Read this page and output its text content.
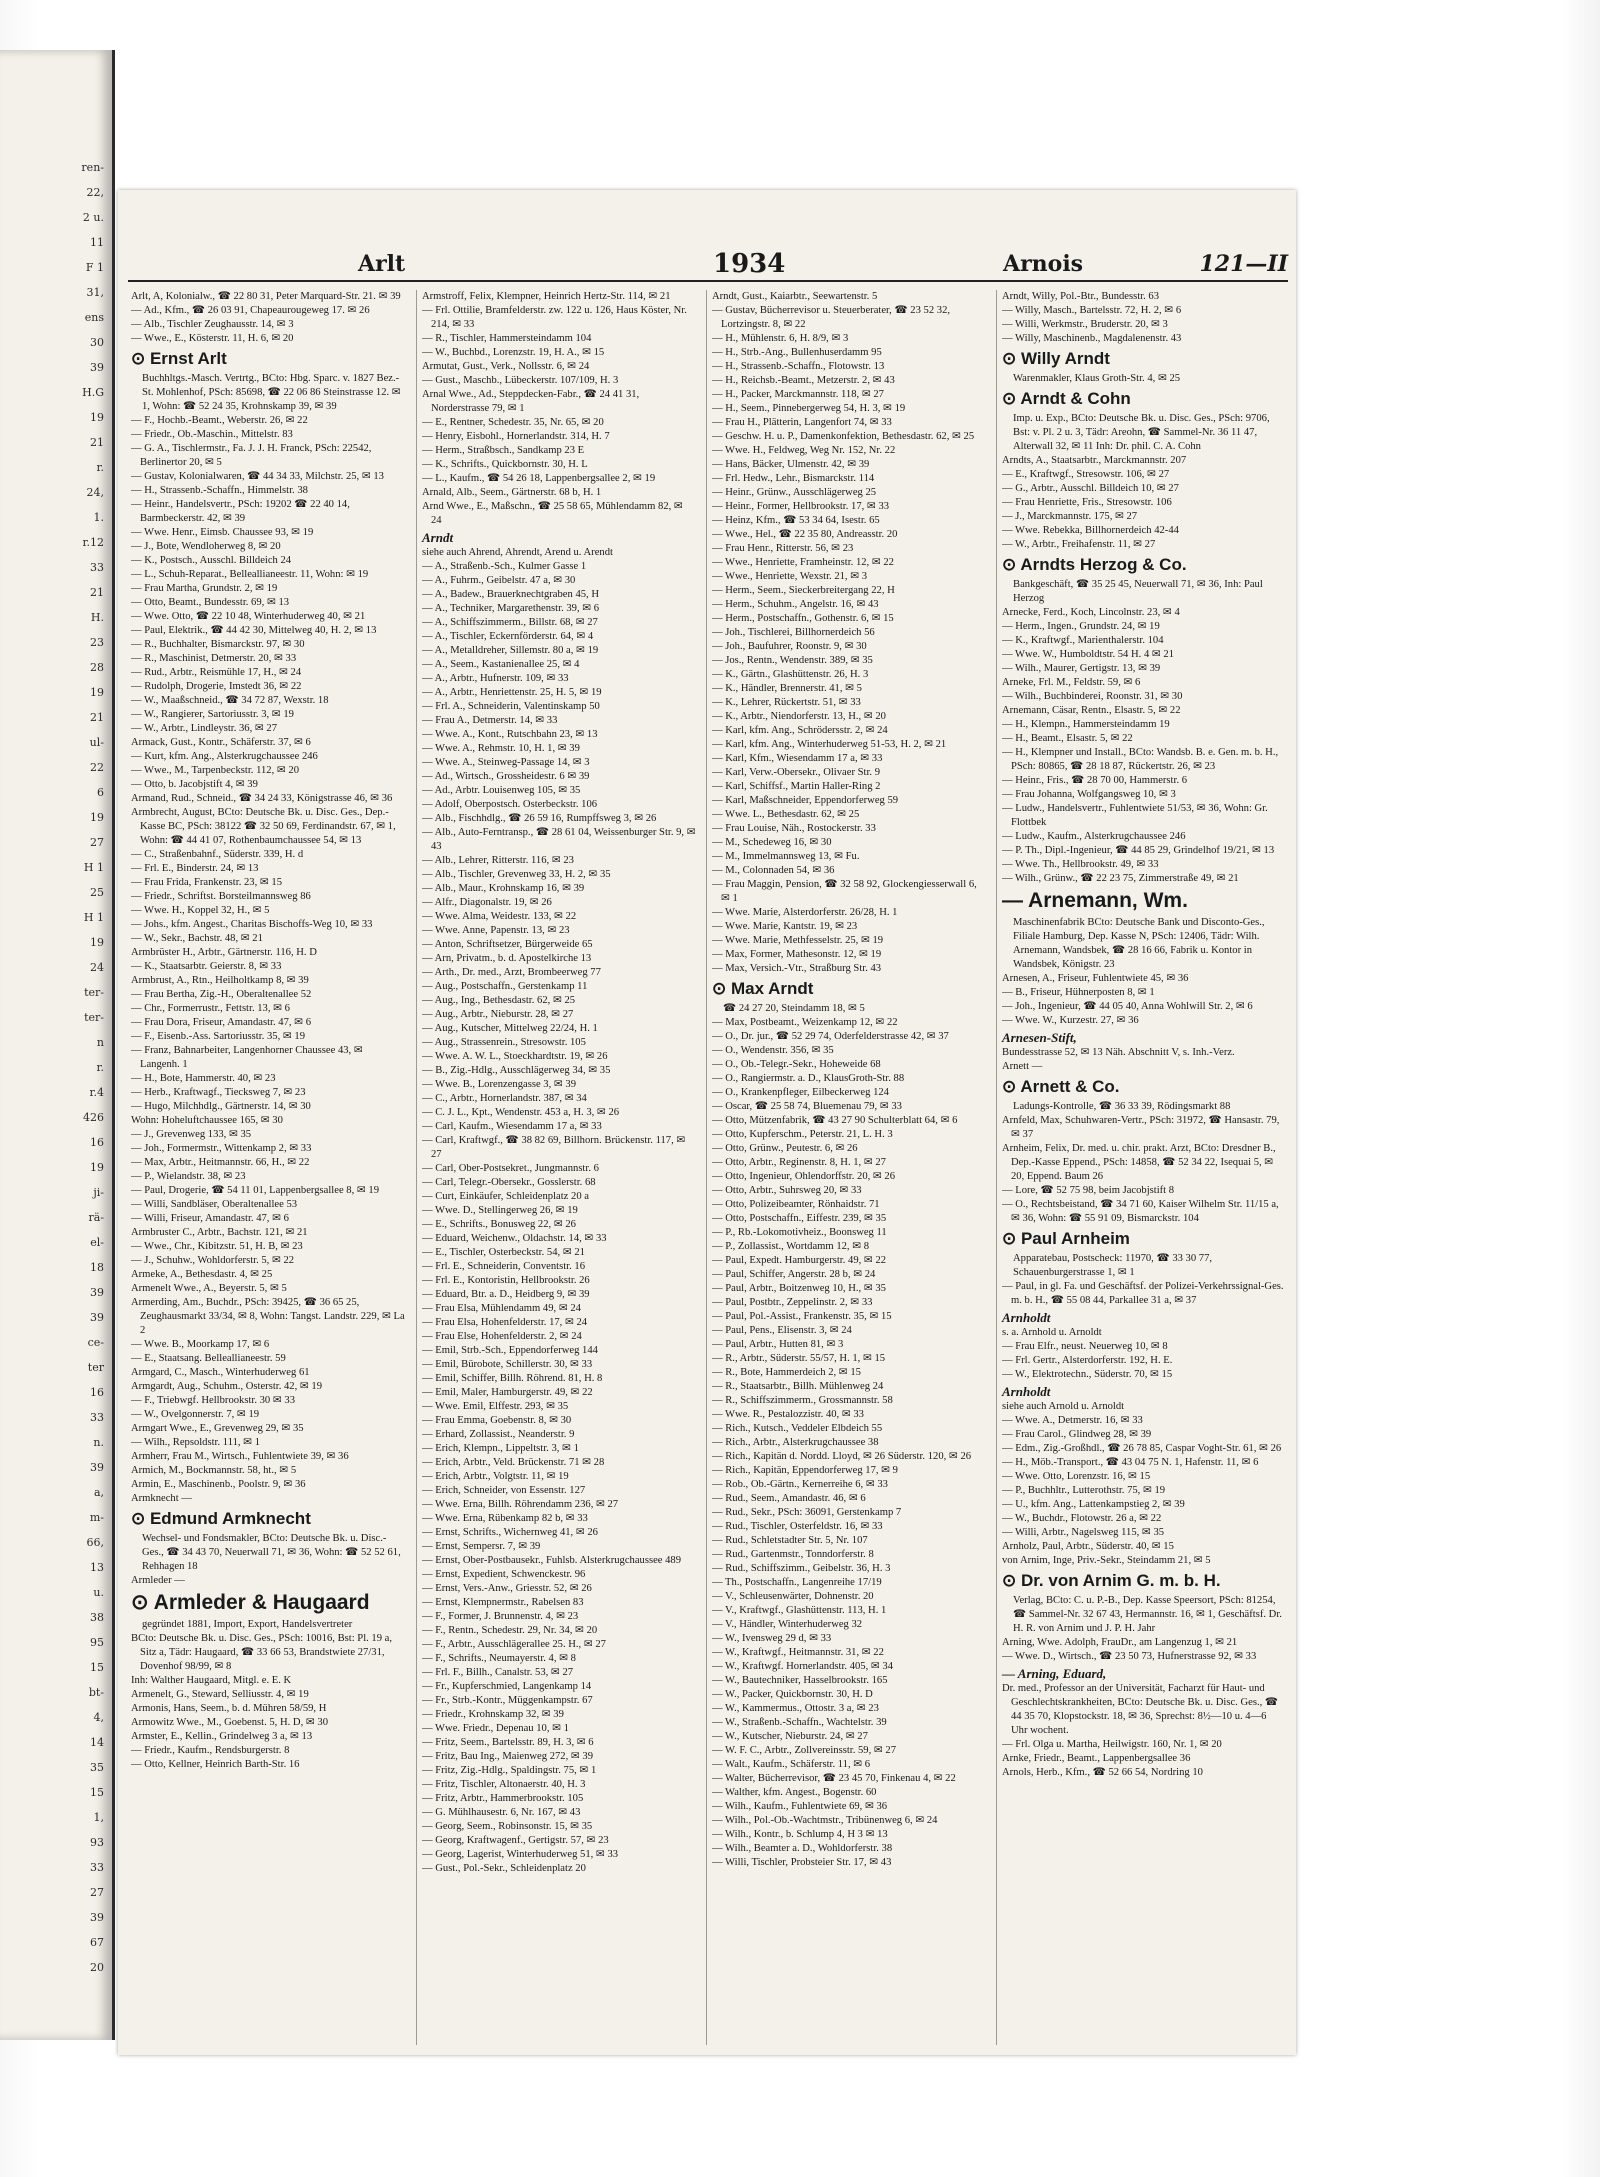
ren-
22,
2 u.
11
F 1
31,
ens
30
39
H.G
19
21
r.
24,
1.
r.12
33
21
H.
23
28
19
21
ul-
22
6
19
27
H 1
25
H 1
19
24
ter-
ter-
n
r.
r.4
426
16
19
ji-
rä-
el-
18
39
39
ce-
ter
16
33
n.
39
a,
m-
66,
13
u.
38
95
15
bt-
4,
14
35
15
1,
93
33
27
39
67
20
Arlt	1934	Arnois	121—II
Arlt, A, Kolonialw., ☎ 22 80 31, Peter Marquard-Str. 21. ✉ 39
— Ad., Kfm., ☎ 26 03 91, Chapeaurougeweg 17. ✉ 26
— Alb., Tischler Zeughausstr. 14, ✉ 3
— Wwe., E., Kösterstr. 11, H. 6, ✉ 20
⊙ Ernst Arlt
Buchhltgs.-Masch. Vertrtg., BCto: Hbg. Sparc. v. 1827 Bez.-St. Mohlenhof, PSch: 85698, ☎ 22 06 86 Steinstrasse 12. ✉ 1, Wohn: ☎ 52 24 35, Krohnskamp 39, ✉ 39
— F., Hochb.-Beamt., Weberstr. 26, ✉ 22
— Friedr., Ob.-Maschin., Mittelstr. 83
— G. A., Tischlermstr., Fa. J. J. H. Franck, PSch: 22542, Berlinertor 20, ✉ 5
— Gustav, Kolonialwaren, ☎ 44 34 33, Milchstr. 25, ✉ 13
— H., Strassenb.-Schaffn., Himmelstr. 38
— Heinr., Handelsvertr., PSch: 19202 ☎ 22 40 14, Barmbeckerstr. 42, ✉ 39
— Wwe. Henr., Eimsb. Chaussee 93, ✉ 19
— J., Bote, Wendloherweg 8, ✉ 20
— K., Postsch., Ausschl. Billdeich 24
— L., Schuh-Reparat., Belleallianeestr. 11, Wohn: ✉ 19
— Frau Martha, Grundstr. 2, ✉ 19
— Otto, Beamt., Bundesstr. 69, ✉ 13
— Wwe. Otto, ☎ 22 10 48, Winterhuderweg 40, ✉ 21
— Paul, Elektrik., ☎ 44 42 30, Mittelweg 40, H. 2, ✉ 13
— R., Buchhalter, Bismarckstr. 97, ✉ 30
— R., Maschinist, Detmerstr. 20, ✉ 33
— Rud., Arbtr., Reismühle 17, H., ✉ 24
— Rudolph, Drogerie, Imstedt 36, ✉ 22
— W., Maaßschneid., ☎ 34 72 87, Wexstr. 18
— W., Rangierer, Sartoriusstr. 3, ✉ 19
— W., Arbtr., Lindleystr. 36, ✉ 27
Armack, Gust., Kontr., Schäferstr. 37, ✉ 6
— Kurt, kfm. Ang., Alsterkrugchaussee 246
— Wwe., M., Tarpenbeckstr. 112, ✉ 20
— Otto, b. Jacobjstift 4, ✉ 39
Armand, Rud., Schneid., ☎ 34 24 33, Königstrasse 46, ✉ 36
Armbrecht, August, BCto: Deutsche Bk. u. Disc. Ges., Dep.-Kasse BC, PSch: 38122 ☎ 32 50 69, Ferdinandstr. 67, ✉ 1, Wohn: ☎ 44 41 07, Rothenbaumchaussee 54, ✉ 13
— C., Straßenbahnf., Süderstr. 339, H. d
— Frl. E., Binderstr. 24, ✉ 13
— Frau Frida, Frankenstr. 23, ✉ 15
— Friedr., Schriftst. Borsteilmannsweg 86
— Wwe. H., Koppel 32, H., ✉ 5
— Johs., kfm. Angest., Charitas Bischoffs-Weg 10, ✉ 33
— W., Sekr., Bachstr. 48, ✉ 21
Armbrüster H., Arbtr., Gärtnerstr. 116, H. D
— K., Staatsarbtr. Geierstr. 8, ✉ 33
Armbrust, A., Rtn., Heilholtkamp 8, ✉ 39
— Frau Bertha, Zig.-H., Oberaltenallee 52
— Chr., Formerrustr., Fettstr. 13, ✉ 6
— Frau Dora, Friseur, Amandastr. 47, ✉ 6
— F., Eisenb.-Ass. Sartoriusstr. 35, ✉ 19
— Franz, Bahnarbeiter, Langenhorner Chaussee 43, ✉ Langenh. 1
— H., Bote, Hammerstr. 40, ✉ 23
— Herb., Kraftwagf., Tiecksweg 7, ✉ 23
— Hugo, Milchhdlg., Gärtnerstr. 14, ✉ 30
Wohn: Hoheluftchaussee 165, ✉ 30
— J., Grevenweg 133, ✉ 35
— Joh., Formermstr., Wittenkamp 2, ✉ 33
— Max, Arbtr., Heitmannstr. 66, H., ✉ 22
— P., Wielandstr. 38, ✉ 23
— Paul, Drogerie, ☎ 54 11 01, Lappenbergsallee 8, ✉ 19
— Willi, Sandbläser, Oberaltenallee 53
— Willi, Friseur, Amandastr. 47, ✉ 6
Armbruster C., Arbtr., Bachstr. 121, ✉ 21
— Wwe., Chr., Kibitzstr. 51, H. B, ✉ 23
— J., Schuhw., Wohldorferstr. 5, ✉ 22
Armeke, A., Bethesdastr. 4, ✉ 25
Armenelt Wwe., A., Beyerstr. 5, ✉ 5
Armerding, Am., Buchdr., PSch: 39425, ☎ 36 65 25, Zeughausmarkt 33/34, ✉ 8, Wohn: Tangst. Landstr. 229, ✉ La 2
— Wwe. B., Moorkamp 17, ✉ 6
— E., Staatsang. Belleallianeestr. 59
Armgard, C., Masch., Winterhuderweg 61
Armgardt, Aug., Schuhm., Osterstr. 42, ✉ 19
— F., Triebwgf. Hellbrookstr. 30 ✉ 33
— W., Ovelgonnerstr. 7, ✉ 19
Armgart Wwe., E., Grevenweg 29, ✉ 35
— Wilh., Repsoldstr. 111, ✉ 1
Armherr, Frau M., Wirtsch., Fuhlentwiete 39, ✉ 36
Armich, M., Bockmannstr. 58, ht., ✉ 5
Armin, E., Maschinenb., Poolstr. 9, ✉ 36
Armknecht —
⊙ Edmund Armknecht
Wechsel- und Fondsmakler, BCto: Deutsche Bk. u. Disc.-Ges., ☎ 34 43 70, Neuerwall 71, ✉ 36, Wohn: ☎ 52 52 61, Rehhagen 18
Armleder —
⊙ Armleder & Haugaard
gegründet 1881, Import, Export, Handelsvertreter
BCto: Deutsche Bk. u. Disc. Ges., PSch: 10016, Bst: Pl. 19 a, Sitz a, Tädr: Haugaard, ☎ 33 66 53, Brandstwiete 27/31, Dovenhof 98/99, ✉ 8
Inh: Walther Haugaard, Mitgl. e. E. K
Armenelt, G., Steward, Selliusstr. 4, ✉ 19
Armonis, Hans, Seem., b. d. Mühren 58/59, H
Armowitz Wwe., M., Goebenst. 5, H. D, ✉ 30
Armster, E., Kellin., Grindelweg 3 a, ✉ 13
— Friedr., Kaufm., Rendsburgerstr. 8
— Otto, Kellner, Heinrich Barth-Str. 16
Armstroff, Felix, Klempner, Heinrich Hertz-Str. 114, ✉ 21
— Frl. Ottilie, Bramfelderstr. zw. 122 u. 126, Haus Köster, Nr. 214, ✉ 33
— R., Tischler, Hammersteindamm 104
— W., Buchbd., Lorenzstr. 19, H. A., ✉ 15
Armutat, Gust., Verk., Nollsstr. 6, ✉ 24
— Gust., Maschb., Lübeckerstr. 107/109, H. 3
Arnal Wwe., Ad., Steppdecken-Fabr., ☎ 24 41 31, Norderstrasse 79, ✉ 1
— E., Rentner, Schedestr. 35, Nr. 65, ✉ 20
— Henry, Eisbohl., Hornerlandstr. 314, H. 7
— Herm., Straßbsch., Sandkamp 23 E
— K., Schrifts., Quickbornstr. 30, H. L
— L., Kaufm., ☎ 54 26 18, Lappenbergsallee 2, ✉ 19
Arnald, Alb., Seem., Gärtnerstr. 68 b, H. 1
Arnd Wwe., E., Maßschn., ☎ 25 58 65, Mühlendamm 82, ✉ 24
Arndt
siehe auch Ahrend, Ahrendt, Arend u. Arendt
— A., Straßenb.-Sch., Kulmer Gasse 1
— A., Fuhrm., Geibelstr. 47 a, ✉ 30
— A., Badew., Brauerknechtgraben 45, H
— A., Techniker, Margarethenstr. 39, ✉ 6
— A., Schiffszimmerm., Billstr. 68, ✉ 27
— A., Tischler, Eckernförderstr. 64, ✉ 4
— A., Metalldreher, Sillemstr. 80 a, ✉ 19
— A., Seem., Kastanienallee 25, ✉ 4
— A., Arbtr., Hufnerstr. 109, ✉ 33
— A., Arbtr., Henriettenstr. 25, H. 5, ✉ 19
— Frl. A., Schneiderin, Valentinskamp 50
— Frau A., Detmerstr. 14, ✉ 33
— Wwe. A., Kont., Rutschbahn 23, ✉ 13
— Wwe. A., Rehmstr. 10, H. 1, ✉ 39
— Wwe. A., Steinweg-Passage 14, ✉ 3
— Ad., Wirtsch., Grossheidestr. 6 ✉ 39
— Ad., Arbtr. Louisenweg 105, ✉ 35
— Adolf, Oberpostsch. Osterbeckstr. 106
— Alb., Fischhdlg., ☎ 26 59 16, Rumpffsweg 3, ✉ 26
— Alb., Auto-Ferntransp., ☎ 28 61 04, Weissenburger Str. 9, ✉ 43
— Alb., Lehrer, Ritterstr. 116, ✉ 23
— Alb., Tischler, Grevenweg 33, H. 2, ✉ 35
— Alb., Maur., Krohnskamp 16, ✉ 39
— Alfr., Diagonalstr. 19, ✉ 26
— Wwe. Alma, Weidestr. 133, ✉ 22
— Wwe. Anne, Papenstr. 13, ✉ 23
— Anton, Schriftsetzer, Bürgerweide 65
— Arn, Privatm., b. d. Apostelkirche 13
— Arth., Dr. med., Arzt, Brombeerweg 77
— Aug., Postschaffn., Gerstenkamp 11
— Aug., Ing., Bethesdastr. 62, ✉ 25
— Aug., Arbtr., Nieburstr. 28, ✉ 27
— Aug., Kutscher, Mittelweg 22/24, H. 1
— Aug., Strassenrein., Stresowstr. 105
— Wwe. A. W. L., Stoeckhardtstr. 19, ✉ 26
— B., Zig.-Hdlg., Ausschlägerweg 34, ✉ 35
— Wwe. B., Lorenzengasse 3, ✉ 39
— C., Arbtr., Hornerlandstr. 387, ✉ 34
— C. J. L., Kpt., Wendenstr. 453 a, H. 3, ✉ 26
— Carl, Kaufm., Wiesendamm 17 a, ✉ 33
— Carl, Kraftwgf., ☎ 38 82 69, Billhorn. Brückenstr. 117, ✉ 27
— Carl, Ober-Postsekret., Jungmannstr. 6
— Carl, Telegr.-Obersekr., Gosslerstr. 68
— Curt, Einkäufer, Schleidenplatz 20 a
— Wwe. D., Stellingerweg 26, ✉ 19
— E., Schrifts., Bonusweg 22, ✉ 26
— Eduard, Weichenw., Oldachstr. 14, ✉ 33
— E., Tischler, Osterbeckstr. 54, ✉ 21
— Frl. E., Schneiderin, Conventstr. 16
— Frl. E., Kontoristin, Hellbrookstr. 26
— Eduard, Btr. a. D., Heidberg 9, ✉ 39
— Frau Elsa, Mühlendamm 49, ✉ 24
— Frau Elsa, Hohenfelderstr. 17, ✉ 24
— Frau Else, Hohenfelderstr. 2, ✉ 24
— Emil, Strb.-Sch., Eppendorferweg 144
— Emil, Bürobote, Schillerstr. 30, ✉ 33
— Emil, Schiffer, Billh. Röhrend. 81, H. 8
— Emil, Maler, Hamburgerstr. 49, ✉ 22
— Wwe. Emil, Elffestr. 293, ✉ 35
— Frau Emma, Goebenstr. 8, ✉ 30
— Erhard, Zollassist., Neanderstr. 9
— Erich, Klempn., Lippeltstr. 3, ✉ 1
— Erich, Arbtr., Veld. Brückenstr. 71 ✉ 28
— Erich, Arbtr., Volgtstr. 11, ✉ 19
— Erich, Schneider, von Essenstr. 127
— Wwe. Erna, Billh. Röhrendamm 236, ✉ 27
— Wwe. Erna, Rübenkamp 82 b, ✉ 33
— Ernst, Schrifts., Wichernweg 41, ✉ 26
— Ernst, Sempersr. 7, ✉ 39
— Ernst, Ober-Postbausekr., Fuhlsb. Alsterkrugchaussee 489
— Ernst, Expedient, Schwenckestr. 96
— Ernst, Vers.-Anw., Griesstr. 52, ✉ 26
— Ernst, Klempnermstr., Rabelsen 83
— F., Former, J. Brunnenstr. 4, ✉ 23
— F., Rentn., Schedestr. 29, Nr. 34, ✉ 20
— F., Arbtr., Ausschlägerallee 25. H., ✉ 27
— F., Schrifts., Neumayerstr. 4, ✉ 8
— Frl. F., Billh., Canalstr. 53, ✉ 27
— Fr., Kupferschmied, Langenkamp 14
— Fr., Strb.-Kontr., Müggenkampstr. 67
— Friedr., Krohnskamp 32, ✉ 39
— Wwe. Friedr., Depenau 10, ✉ 1
— Fritz, Seem., Bartelsstr. 89, H. 3, ✉ 6
— Fritz, Bau Ing., Maienweg 272, ✉ 39
— Fritz, Zig.-Hdlg., Spaldingstr. 75, ✉ 1
— Fritz, Tischler, Altonaerstr. 40, H. 3
— Fritz, Arbtr., Hammerbrookstr. 105
— G. Mühlhausestr. 6, Nr. 167, ✉ 43
— Georg, Seem., Robinsonstr. 15, ✉ 35
— Georg, Kraftwagenf., Gertigstr. 57, ✉ 23
— Georg, Lagerist, Winterhuderweg 51, ✉ 33
— Gust., Pol.-Sekr., Schleidenplatz 20
Arndt, Gust., Kaiarbtr., Seewartenstr. 5
— Gustav, Bücherrevisor u. Steuerberater, ☎ 23 52 32, Lortzingstr. 8, ✉ 22
— H., Mühlenstr. 6, H. 8/9, ✉ 3
— H., Strb.-Ang., Bullenhuserdamm 95
— H., Strassenb.-Schaffn., Flotowstr. 13
— H., Reichsb.-Beamt., Metzerstr. 2, ✉ 43
— H., Packer, Marckmannstr. 118, ✉ 27
— H., Seem., Pinnebergerweg 54, H. 3, ✉ 19
— Frau H., Plätterin, Langenfort 74, ✉ 33
— Geschw. H. u. P., Damenkonfektion, Bethesdastr. 62, ✉ 25
— Wwe. H., Feldweg, Weg Nr. 152, Nr. 22
— Hans, Bäcker, Ulmenstr. 42, ✉ 39
— Frl. Hedw., Lehr., Bismarckstr. 114
— Heinr., Grünw., Ausschlägerweg 25
— Heinr., Former, Hellbrookstr. 17, ✉ 33
— Heinz, Kfm., ☎ 53 34 64, Isestr. 65
— Wwe., Hel., ☎ 22 35 80, Andreasstr. 20
— Frau Henr., Ritterstr. 56, ✉ 23
— Wwe., Henriette, Framheinstr. 12, ✉ 22
— Wwe., Henriette, Wexstr. 21, ✉ 3
— Herm., Seem., Sieckerbreitergang 22, H
— Herm., Schuhm., Angelstr. 16, ✉ 43
— Herm., Postschaffn., Gothenstr. 6, ✉ 15
— Joh., Tischlerei, Billhornerdeich 56
— Joh., Baufuhrer, Roonstr. 9, ✉ 30
— Jos., Rentn., Wendenstr. 389, ✉ 35
— K., Gärtn., Glashüttenstr. 26, H. 3
— K., Händler, Brennerstr. 41, ✉ 5
— K., Lehrer, Rückertstr. 51, ✉ 33
— K., Arbtr., Niendorferstr. 13, H., ✉ 20
— Karl, kfm. Ang., Schrödersstr. 2, ✉ 24
— Karl, kfm. Ang., Winterhuderweg 51-53, H. 2, ✉ 21
— Karl, Kfm., Wiesendamm 17 a, ✉ 33
— Karl, Verw.-Obersekr., Olivaer Str. 9
— Karl, Schiffsf., Martin Haller-Ring 2
— Karl, Maßschneider, Eppendorferweg 59
— Wwe. L., Bethesdastr. 62, ✉ 25
— Frau Louise, Näh., Rostockerstr. 33
— M., Schedeweg 16, ✉ 30
— M., Immelmannsweg 13, ✉ Fu.
— M., Colonnaden 54, ✉ 36
— Frau Maggin, Pension, ☎ 32 58 92, Glockengiesserwall 6, ✉ 1
— Wwe. Marie, Alsterdorferstr. 26/28, H. 1
— Wwe. Marie, Kantstr. 19, ✉ 23
— Wwe. Marie, Methfesselstr. 25, ✉ 19
— Max, Former, Mathesonstr. 12, ✉ 19
— Max, Versich.-Vtr., Straßburg Str. 43
⊙ Max Arndt
☎ 24 27 20, Steindamm 18, ✉ 5
— Max, Postbeamt., Weizenkamp 12, ✉ 22
— O., Dr. jur., ☎ 52 29 74, Oderfelderstrasse 42, ✉ 37
— O., Wendenstr. 356, ✉ 35
— O., Ob.-Telegr.-Sekr., Hoheweide 68
— O., Rangiermstr. a. D., KlausGroth-Str. 88
— O., Krankenpfleger, Eilbeckerweg 124
— Oscar, ☎ 25 58 74, Bluemenau 79, ✉ 33
— Otto, Mützenfabrik, ☎ 43 27 90 Schulterblatt 64, ✉ 6
— Otto, Kupferschm., Peterstr. 21, L. H. 3
— Otto, Grünw., Peutestr. 6, ✉ 26
— Otto, Arbtr., Reginenstr. 8, H. 1, ✉ 27
— Otto, Ingenieur, Ohlendorffstr. 20, ✉ 26
— Otto, Arbtr., Suhrsweg 20, ✉ 33
— Otto, Polizeibeamter, Rönhaidstr. 71
— Otto, Postschaffn., Eiffestr. 239, ✉ 35
— P., Rb.-Lokomotivheiz., Boonsweg 11
— P., Zollassist., Wortdamm 12, ✉ 8
— Paul, Expedt. Hamburgerstr. 49, ✉ 22
— Paul, Schiffer, Angerstr. 28 b, ✉ 24
— Paul, Arbtr., Boitzenweg 10, H., ✉ 35
— Paul, Postbtr., Zeppelinstr. 2, ✉ 33
— Paul, Pol.-Assist., Frankenstr. 35, ✉ 15
— Paul, Pens., Elisenstr. 3, ✉ 24
— Paul, Arbtr., Hutten 81, ✉ 3
— R., Arbtr., Süderstr. 55/57, H. 1, ✉ 15
— R., Bote, Hammerdeich 2, ✉ 15
— R., Staatsarbtr., Billh. Mühlenweg 24
— R., Schiffszimmerm., Grossmannstr. 58
— Wwe. R., Pestalozzistr. 40, ✉ 33
— Rich., Kutsch., Veddeler Elbdeich 55
— Rich., Arbtr., Alsterkrugchaussee 38
— Rich., Kapitän d. Nordd. Lloyd, ✉ 26 Süderstr. 120, ✉ 26
— Rich., Kapitän, Eppendorferweg 17, ✉ 9
— Rob., Ob.-Gärtn., Kernerreihe 6, ✉ 33
— Rud., Seem., Amandastr. 46, ✉ 6
— Rud., Sekr., PSch: 36091, Gerstenkamp 7
— Rud., Tischler, Osterfeldstr. 16, ✉ 33
— Rud., Schletstadter Str. 5, Nr. 107
— Rud., Gartenmstr., Tonndorferstr. 8
— Rud., Schiffszimm., Geibelstr. 36, H. 3
— Th., Postschaffn., Langenreihe 17/19
— V., Schleusenwärter, Dohnenstr. 20
— V., Kraftwgf., Glashüttenstr. 113, H. 1
— V., Händler, Winterhuderweg 32
— W., Ivensweg 29 d, ✉ 33
— W., Kraftwgf., Heitmannstr. 31, ✉ 22
— W., Kraftwgf. Hornerlandstr. 405, ✉ 34
— W., Bautechniker, Hasselbrookstr. 165
— W., Packer, Quickbornstr. 30, H. D
— W., Kammermus., Ottostr. 3 a, ✉ 23
— W., Straßenb.-Schaffn., Wachtelstr. 39
— W., Kutscher, Nieburstr. 24, ✉ 27
— W. F. C., Arbtr., Zollvereinsstr. 59, ✉ 27
— Walt., Kaufm., Schäferstr. 11, ✉ 6
— Walter, Bücherrevisor, ☎ 23 45 70, Finkenau 4, ✉ 22
— Walther, kfm. Angest., Bogenstr. 60
— Wilh., Kaufm., Fuhlentwiete 69, ✉ 36
— Wilh., Pol.-Ob.-Wachtmstr., Tribünenweg 6, ✉ 24
— Wilh., Kontr., b. Schlump 4, H 3 ✉ 13
— Wilh., Beamter a. D., Wohldorferstr. 38
— Willi, Tischler, Probsteier Str. 17, ✉ 43
Arndt, Willy, Pol.-Btr., Bundesstr. 63
— Willy, Masch., Bartelsstr. 72, H. 2, ✉ 6
— Willi, Werkmstr., Bruderstr. 20, ✉ 3
— Willy, Maschinenb., Magdalenenstr. 43
⊙ Willy Arndt
Warenmakler, Klaus Groth-Str. 4, ✉ 25
⊙ Arndt & Cohn
Imp. u. Exp., BCto: Deutsche Bk. u. Disc. Ges., PSch: 9706, Bst: v. Pl. 2 u. 3, Tädr: Areohn, ☎ Sammel-Nr. 36 11 47, Alterwall 32, ✉ 11 Inh: Dr. phil. C. A. Cohn
Arndts, A., Staatsarbtr., Marckmannstr. 207
— E., Kraftwgf., Stresowstr. 106, ✉ 27
— G., Arbtr., Ausschl. Billdeich 10, ✉ 27
— Frau Henriette, Fris., Stresowstr. 106
— J., Marckmannstr. 175, ✉ 27
— Wwe. Rebekka, Billhornerdeich 42-44
— W., Arbtr., Freihafenstr. 11, ✉ 27
⊙ Arndts Herzog & Co.
Bankgeschäft, ☎ 35 25 45, Neuerwall 71, ✉ 36, Inh: Paul Herzog
Arnecke, Ferd., Koch, Lincolnstr. 23, ✉ 4
— Herm., Ingen., Grundstr. 24, ✉ 19
— K., Kraftwgf., Marienthalerstr. 104
— Wwe. W., Humboldtstr. 54 H. 4 ✉ 21
— Wilh., Maurer, Gertigstr. 13, ✉ 39
Arneke, Frl. M., Feldstr. 59, ✉ 6
— Wilh., Buchbinderei, Roonstr. 31, ✉ 30
Arnemann, Cäsar, Rentn., Elsastr. 5, ✉ 22
— H., Klempn., Hammersteindamm 19
— H., Beamt., Elsastr. 5, ✉ 22
— H., Klempner und Install., BCto: Wandsb. B. e. Gen. m. b. H., PSch: 80865, ☎ 28 18 87, Rückertstr. 26, ✉ 23
— Heinr., Fris., ☎ 28 70 00, Hammerstr. 6
— Frau Johanna, Wolfgangsweg 10, ✉ 3
— Ludw., Handelsvertr., Fuhlentwiete 51/53, ✉ 36, Wohn: Gr. Flottbek
— Ludw., Kaufm., Alsterkrugchaussee 246
— P. Th., Dipl.-Ingenieur, ☎ 44 85 29, Grindelhof 19/21, ✉ 13
— Wwe. Th., Hellbrookstr. 49, ✉ 33
— Wilh., Grünw., ☎ 22 23 75, Zimmerstraße 49, ✉ 21
— Arnemann, Wm.
Maschinenfabrik BCto: Deutsche Bank und Disconto-Ges., Filiale Hamburg, Dep. Kasse N, PSch: 12406, Tädr: Wilh. Arnemann, Wandsbek, ☎ 28 16 66, Fabrik u. Kontor in Wandsbek, Königstr. 23
Arnesen, A., Friseur, Fuhlentwiete 45, ✉ 36
— B., Friseur, Hühnerposten 8, ✉ 1
— Joh., Ingenieur, ☎ 44 05 40, Anna Wohlwill Str. 2, ✉ 6
— Wwe. W., Kurzestr. 27, ✉ 36
Arnesen-Stift,
Bundesstrasse 52, ✉ 13 Näh. Abschnitt V, s. Inh.-Verz.
Arnett —
⊙ Arnett & Co.
Ladungs-Kontrolle, ☎ 36 33 39, Rödingsmarkt 88
Arnfeld, Max, Schuhwaren-Vertr., PSch: 31972, ☎ Hansastr. 79, ✉ 37
Arnheim, Felix, Dr. med. u. chir. prakt. Arzt, BCto: Dresdner B., Dep.-Kasse Eppend., PSch: 14858, ☎ 52 34 22, Isequai 5, ✉ 20, Eppend. Baum 26
— Lore, ☎ 52 75 98, beim Jacobjstift 8
— O., Rechtsbeistand, ☎ 34 71 60, Kaiser Wilhelm Str. 11/15 a, ✉ 36, Wohn: ☎ 55 91 09, Bismarckstr. 104
⊙ Paul Arnheim
Apparatebau, Postscheck: 11970, ☎ 33 30 77, Schauenburgerstrasse 1, ✉ 1
— Paul, in gl. Fa. und Geschäftsf. der Polizei-Verkehrssignal-Ges. m. b. H., ☎ 55 08 44, Parkallee 31 a, ✉ 37
Arnholdt
s. a. Arnhold u. Arnoldt
— Frau Elfr., neust. Neuerweg 10, ✉ 8
— Frl. Gertr., Alsterdorferstr. 192, H. E.
— W., Elektrotechn., Süderstr. 70, ✉ 15
Arnholdt
siehe auch Arnold u. Arnoldt
— Wwe. A., Detmerstr. 16, ✉ 33
— Frau Carol., Glindweg 28, ✉ 39
— Edm., Zig.-Großhdl., ☎ 26 78 85, Caspar Voght-Str. 61, ✉ 26
— H., Möb.-Transport., ☎ 43 04 75 N. 1, Hafenstr. 11, ✉ 6
— Wwe. Otto, Lorenzstr. 16, ✉ 15
— P., Buchhltr., Lutterothstr. 75, ✉ 19
— U., kfm. Ang., Lattenkampstieg 2, ✉ 39
— W., Buchdr., Flotowstr. 26 a, ✉ 22
— Willi, Arbtr., Nagelsweg 115, ✉ 35
Arnholz, Paul, Arbtr., Süderstr. 40, ✉ 15
von Arnim, Inge, Priv.-Sekr., Steindamm 21, ✉ 5
⊙ Dr. von Arnim G. m. b. H.
Verlag, BCto: C. u. P.-B., Dep. Kasse Speersort, PSch: 81254, ☎ Sammel-Nr. 32 67 43, Hermannstr. 16, ✉ 1, Geschäftsf. Dr. H. R. von Arnim und J. P. H. Jahr
Arning, Wwe. Adolph, FrauDr., am Langenzug 1, ✉ 21
— Wwe. D., Wirtsch., ☎ 23 50 73, Hufnerstrasse 92, ✉ 33
— Arning, Eduard,
Dr. med., Professor an der Universität, Facharzt für Haut- und Geschlechtskrankheiten, BCto: Deutsche Bk. u. Disc. Ges., ☎ 44 35 70, Klopstockstr. 18, ✉ 36, Sprechst: 8½—10 u. 4—6 Uhr wochent.
— Frl. Olga u. Martha, Heilwigstr. 160, Nr. 1, ✉ 20
Arnke, Friedr., Beamt., Lappenbergsallee 36
Arnols, Herb., Kfm., ☎ 52 66 54, Nordring 10
